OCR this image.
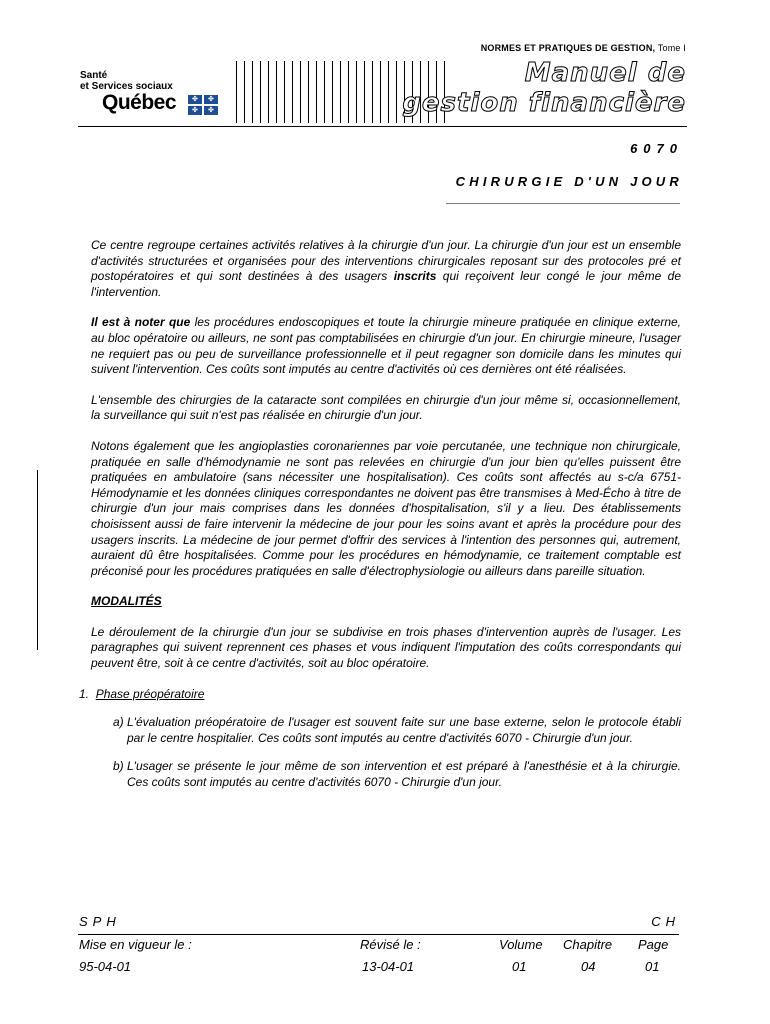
NORMES ET PRATIQUES DE GESTION, Tome I
Santé
et Services sociaux
Québec ✤ ✤
✤ ✤
Manuel de
gestion financière
6070
CHIRURGIE D'UN JOUR

Ce centre regroupe certaines activités relatives à la chirurgie d'un jour. La chirurgie d'un jour est un ensemble d'activités structurées et organisées pour des interventions chirurgicales reposant sur des protocoles pré et postopératoires et qui sont destinées à des usagers inscrits qui reçoivent leur congé le jour même de l'intervention.

Il est à noter que les procédures endoscopiques et toute la chirurgie mineure pratiquée en clinique externe, au bloc opératoire ou ailleurs, ne sont pas comptabilisées en chirurgie d'un jour. En chirurgie mineure, l'usager ne requiert pas ou peu de surveillance professionnelle et il peut regagner son domicile dans les minutes qui suivent l'intervention. Ces coûts sont imputés au centre d'activités où ces dernières ont été réalisées.

L'ensemble des chirurgies de la cataracte sont compilées en chirurgie d'un jour même si, occasionnellement, la surveillance qui suit n'est pas réalisée en chirurgie d'un jour.

Notons également que les angioplasties coronariennes par voie percutanée, une technique non chirurgicale, pratiquée en salle d'hémodynamie ne sont pas relevées en chirurgie d'un jour bien qu'elles puissent être pratiquées en ambulatoire (sans nécessiter une hospitalisation). Ces coûts sont affectés au s-c/a 6751-Hémodynamie et les données cliniques correspondantes ne doivent pas être transmises à Med-Écho à titre de chirurgie d'un jour mais comprises dans les données d'hospitalisation, s'il y a lieu. Des établissements choisissent aussi de faire intervenir la médecine de jour pour les soins avant et après la procédure pour des usagers inscrits. La médecine de jour permet d'offrir des services à l'intention des personnes qui, autrement, auraient dû être hospitalisées. Comme pour les procédures en hémodynamie, ce traitement comptable est préconisé pour les procédures pratiquées en salle d'électrophysiologie ou ailleurs dans pareille situation.

MODALITÉS

Le déroulement de la chirurgie d'un jour se subdivise en trois phases d'intervention auprès de l'usager. Les paragraphes qui suivent reprennent ces phases et vous indiquent l'imputation des coûts correspondants qui peuvent être, soit à ce centre d'activités, soit au bloc opératoire.

1. Phase préopératoire
a) L'évaluation préopératoire de l'usager est souvent faite sur une base externe, selon le protocole établi par le centre hospitalier. Ces coûts sont imputés au centre d'activités 6070 - Chirurgie d'un jour.
b) L'usager se présente le jour même de son intervention et est préparé à l'anesthésie et à la chirurgie. Ces coûts sont imputés au centre d'activités 6070 - Chirurgie d'un jour.
SPH	CH
Mise en vigueur le :
95-04-01
Révisé le :
13-04-01
Volume
01
Chapitre
04
Page
01
